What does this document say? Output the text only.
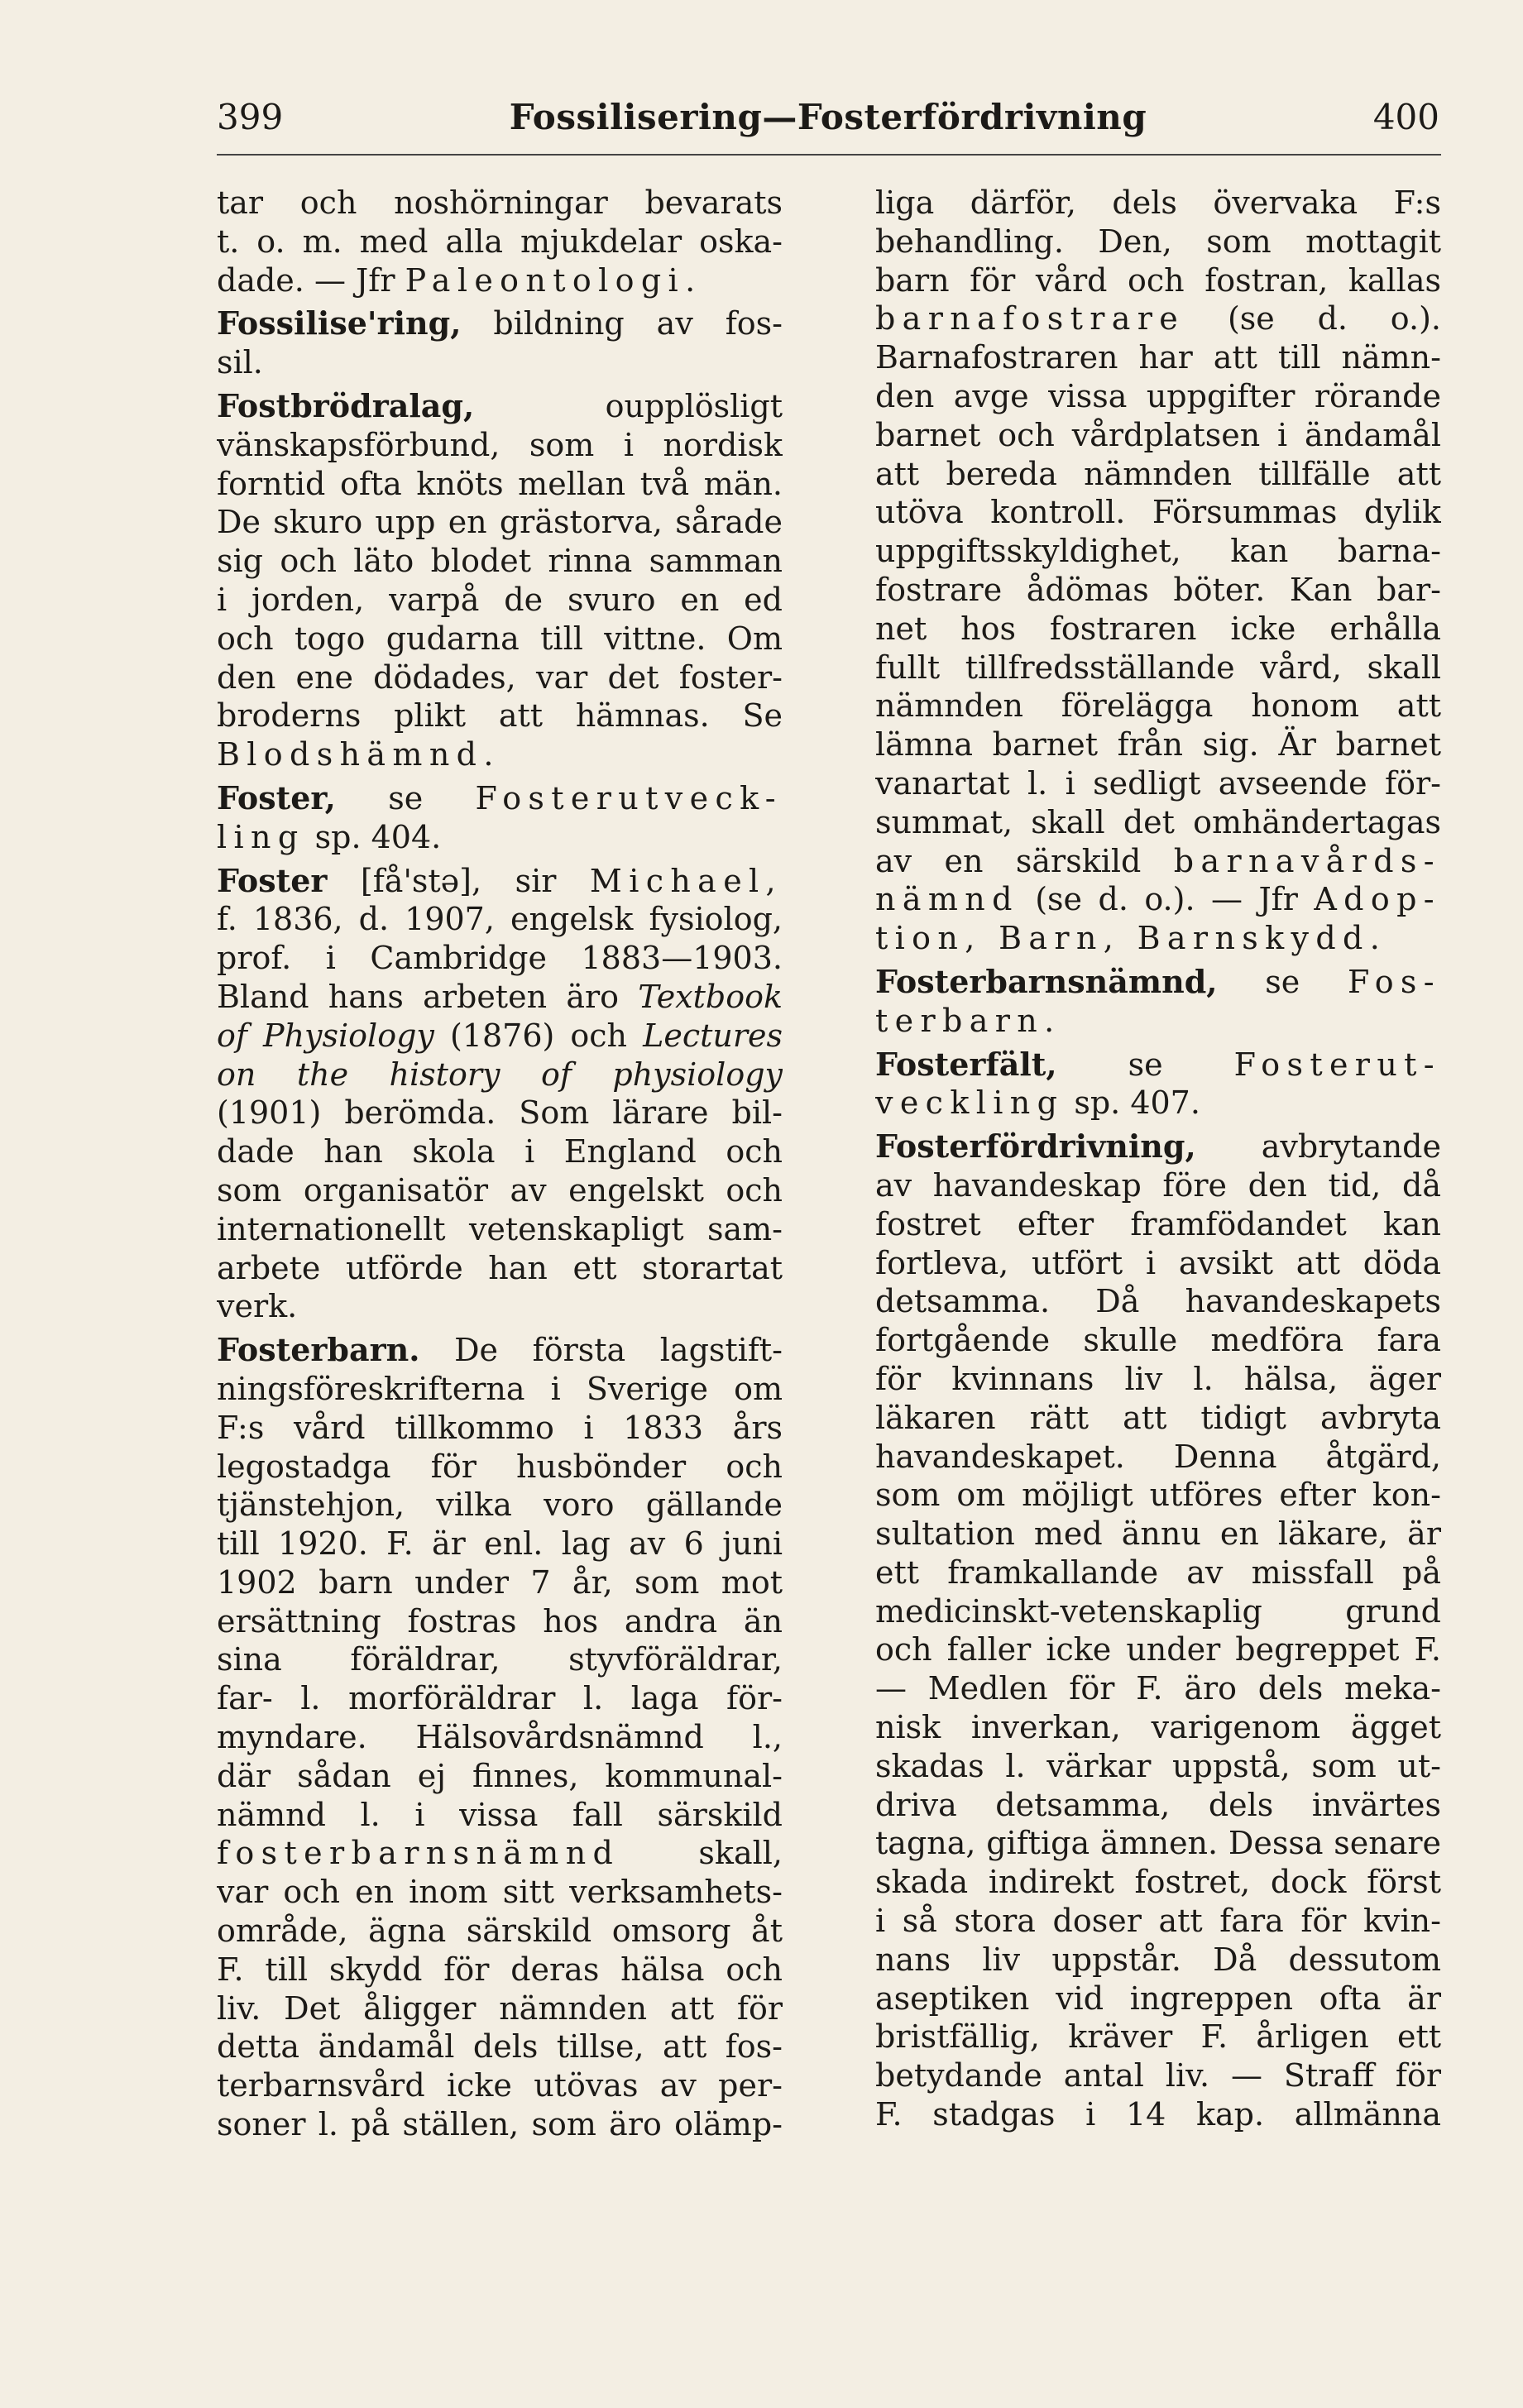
399	Fossilisering—Fosterfördrivning	400

tar och noshörningar bevarats
t. o. m. med alla mjukdelar oska-
dade. — Jfr Paleontologi.

Fossilise'ring, bildning av fos-
sil.

Fostbrödralag, oupplösligt
vänskapsförbund, som i nordisk
forntid ofta knöts mellan två män.
De skuro upp en grästorva, sårade
sig och läto blodet rinna samman
i jorden, varpå de svuro en ed
och togo gudarna till vittne. Om
den ene dödades, var det foster-
broderns plikt att hämnas. Se
Blodshämnd.

Foster, se Fosterutveck-
ling sp. 404.

Foster [få'stə], sir Michael,
f. 1836, d. 1907, engelsk fysiolog,
prof. i Cambridge 1883—1903.
Bland hans arbeten äro Textbook
of Physiology (1876) och Lectures
on the history of physiology
(1901) berömda. Som lärare bil-
dade han skola i England och
som organisatör av engelskt och
internationellt vetenskapligt sam-
arbete utförde han ett storartat
verk.

Fosterbarn. De första lagstift-
ningsföreskrifterna i Sverige om
F:s vård tillkommo i 1833 års
legostadga för husbönder och
tjänstehjon, vilka voro gällande
till 1920. F. är enl. lag av 6 juni
1902 barn under 7 år, som mot
ersättning fostras hos andra än
sina föräldrar, styvföräldrar,
far- l. morföräldrar l. laga för-
myndare. Hälsovårdsnämnd l.,
där sådan ej finnes, kommunal-
nämnd l. i vissa fall särskild
fosterbarnsnämnd skall,
var och en inom sitt verksamhets-
område, ägna särskild omsorg åt
F. till skydd för deras hälsa och
liv. Det åligger nämnden att för
detta ändamål dels tillse, att fos-
terbarnsvård icke utövas av per-
soner l. på ställen, som äro olämp-

liga därför, dels övervaka F:s
behandling. Den, som mottagit
barn för vård och fostran, kallas
barnafostrare (se d. o.).
Barnafostraren har att till nämn-
den avge vissa uppgifter rörande
barnet och vårdplatsen i ändamål
att bereda nämnden tillfälle att
utöva kontroll. Försummas dylik
uppgiftsskyldighet, kan barna-
fostrare ådömas böter. Kan bar-
net hos fostraren icke erhålla
fullt tillfredsställande vård, skall
nämnden förelägga honom att
lämna barnet från sig. Är barnet
vanartat l. i sedligt avseende för-
summat, skall det omhändertagas
av en särskild barnavårds-
nämnd (se d. o.). — Jfr Adop-
tion, Barn, Barnskydd.

Fosterbarnsnämnd, se Fos-
terbarn.

Fosterfält, se Fosterut-
veckling sp. 407.

Fosterfördrivning, avbrytande
av havandeskap före den tid, då
fostret efter framfödandet kan
fortleva, utfört i avsikt att döda
detsamma. Då havandeskapets
fortgående skulle medföra fara
för kvinnans liv l. hälsa, äger
läkaren rätt att tidigt avbryta
havandeskapet. Denna åtgärd,
som om möjligt utföres efter kon-
sultation med ännu en läkare, är
ett framkallande av missfall på
medicinskt-vetenskaplig grund
och faller icke under begreppet F.
— Medlen för F. äro dels meka-
nisk inverkan, varigenom ägget
skadas l. värkar uppstå, som ut-
driva detsamma, dels invärtes
tagna, giftiga ämnen. Dessa senare
skada indirekt fostret, dock först
i så stora doser att fara för kvin-
nans liv uppstår. Då dessutom
aseptiken vid ingreppen ofta är
bristfällig, kräver F. årligen ett
betydande antal liv. — Straff för
F. stadgas i 14 kap. allmänna
